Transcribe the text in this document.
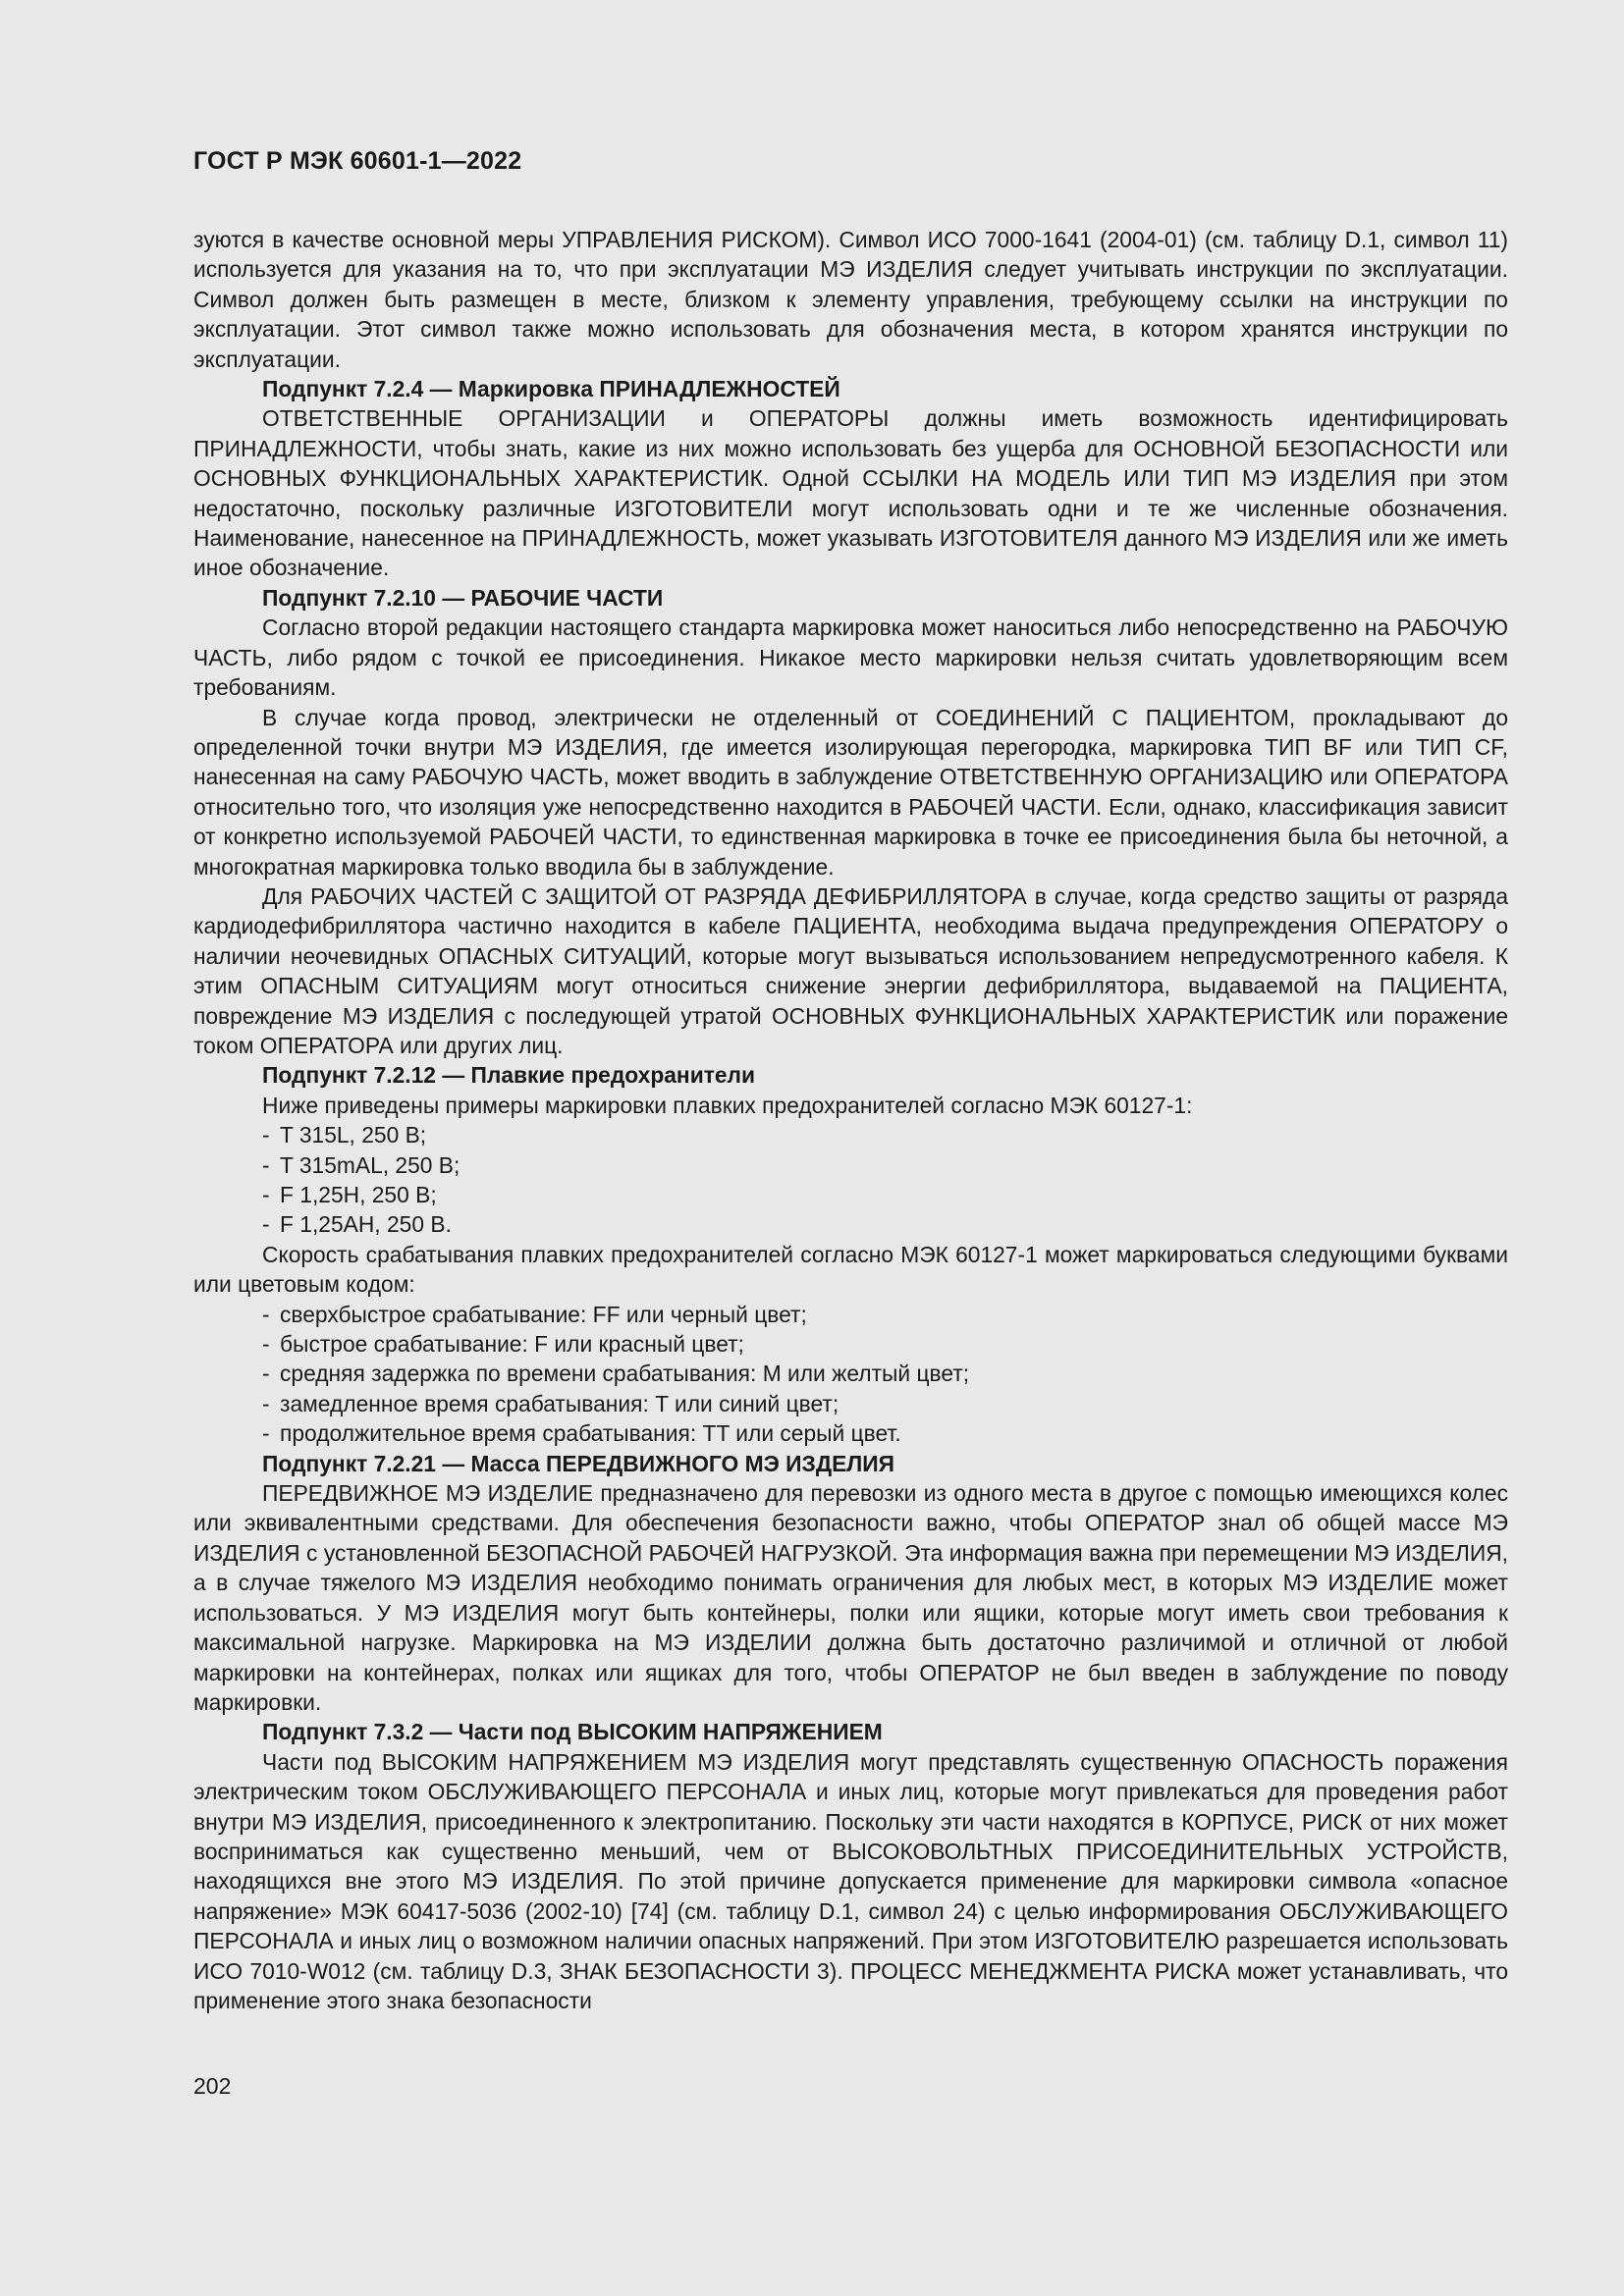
ГОСТ Р МЭК 60601-1—2022

зуются в качестве основной меры УПРАВЛЕНИЯ РИСКОМ). Символ ИСО 7000-1641 (2004-01) (см. таблицу D.1, символ 11) используется для указания на то, что при эксплуатации МЭ ИЗДЕЛИЯ следует учитывать инструкции по эксплуатации. Символ должен быть размещен в месте, близком к элементу управления, требующему ссылки на инструкции по эксплуатации. Этот символ также можно использовать для обозначения места, в котором хранятся инструкции по эксплуатации.

Подпункт 7.2.4 — Маркировка ПРИНАДЛЕЖНОСТЕЙ

ОТВЕТСТВЕННЫЕ ОРГАНИЗАЦИИ и ОПЕРАТОРЫ должны иметь возможность идентифицировать ПРИНАДЛЕЖНОСТИ, чтобы знать, какие из них можно использовать без ущерба для ОСНОВНОЙ БЕЗОПАСНОСТИ или ОСНОВНЫХ ФУНКЦИОНАЛЬНЫХ ХАРАКТЕРИСТИК. Одной ССЫЛКИ НА МОДЕЛЬ ИЛИ ТИП МЭ ИЗДЕЛИЯ при этом недостаточно, поскольку различные ИЗГОТОВИТЕЛИ могут использовать одни и те же численные обозначения. Наименование, нанесенное на ПРИНАДЛЕЖНОСТЬ, может указывать ИЗГОТОВИТЕЛЯ данного МЭ ИЗДЕЛИЯ или же иметь иное обозначение.

Подпункт 7.2.10 — РАБОЧИЕ ЧАСТИ

Согласно второй редакции настоящего стандарта маркировка может наноситься либо непосредственно на РАБОЧУЮ ЧАСТЬ, либо рядом с точкой ее присоединения. Никакое место маркировки нельзя считать удовлетворяющим всем требованиям.

В случае когда провод, электрически не отделенный от СОЕДИНЕНИЙ С ПАЦИЕНТОМ, прокладывают до определенной точки внутри МЭ ИЗДЕЛИЯ, где имеется изолирующая перегородка, маркировка ТИП BF или ТИП CF, нанесенная на саму РАБОЧУЮ ЧАСТЬ, может вводить в заблуждение ОТВЕТСТВЕННУЮ ОРГАНИЗАЦИЮ или ОПЕРАТОРА относительно того, что изоляция уже непосредственно находится в РАБОЧЕЙ ЧАСТИ. Если, однако, классификация зависит от конкретно используемой РАБОЧЕЙ ЧАСТИ, то единственная маркировка в точке ее присоединения была бы неточной, а многократная маркировка только вводила бы в заблуждение.

Для РАБОЧИХ ЧАСТЕЙ С ЗАЩИТОЙ ОТ РАЗРЯДА ДЕФИБРИЛЛЯТОРА в случае, когда средство защиты от разряда кардиодефибриллятора частично находится в кабеле ПАЦИЕНТА, необходима выдача предупреждения ОПЕРАТОРУ о наличии неочевидных ОПАСНЫХ СИТУАЦИЙ, которые могут вызываться использованием непредусмотренного кабеля. К этим ОПАСНЫМ СИТУАЦИЯМ могут относиться снижение энергии дефибриллятора, выдаваемой на ПАЦИЕНТА, повреждение МЭ ИЗДЕЛИЯ с последующей утратой ОСНОВНЫХ ФУНКЦИОНАЛЬНЫХ ХАРАКТЕРИСТИК или поражение током ОПЕРАТОРА или других лиц.

Подпункт 7.2.12 — Плавкие предохранители

Ниже приведены примеры маркировки плавких предохранителей согласно МЭК 60127-1:

- T 315L, 250 B;
- T 315mAL, 250 B;
- F 1,25H, 250 B;
- F 1,25AH, 250 B.

Скорость срабатывания плавких предохранителей согласно МЭК 60127-1 может маркироваться следующими буквами или цветовым кодом:

- сверхбыстрое срабатывание: FF или черный цвет;
- быстрое срабатывание: F или красный цвет;
- средняя задержка по времени срабатывания: M или желтый цвет;
- замедленное время срабатывания: T или синий цвет;
- продолжительное время срабатывания: TT или серый цвет.

Подпункт 7.2.21 — Масса ПЕРЕДВИЖНОГО МЭ ИЗДЕЛИЯ

ПЕРЕДВИЖНОЕ МЭ ИЗДЕЛИЕ предназначено для перевозки из одного места в другое с помощью имеющихся колес или эквивалентными средствами. Для обеспечения безопасности важно, чтобы ОПЕРАТОР знал об общей массе МЭ ИЗДЕЛИЯ с установленной БЕЗОПАСНОЙ РАБОЧЕЙ НАГРУЗКОЙ. Эта информация важна при перемещении МЭ ИЗДЕЛИЯ, а в случае тяжелого МЭ ИЗДЕЛИЯ необходимо понимать ограничения для любых мест, в которых МЭ ИЗДЕЛИЕ может использоваться. У МЭ ИЗДЕЛИЯ могут быть контейнеры, полки или ящики, которые могут иметь свои требования к максимальной нагрузке. Маркировка на МЭ ИЗДЕЛИИ должна быть достаточно различимой и отличной от любой маркировки на контейнерах, полках или ящиках для того, чтобы ОПЕРАТОР не был введен в заблуждение по поводу маркировки.

Подпункт 7.3.2 — Части под ВЫСОКИМ НАПРЯЖЕНИЕМ

Части под ВЫСОКИМ НАПРЯЖЕНИЕМ МЭ ИЗДЕЛИЯ могут представлять существенную ОПАСНОСТЬ поражения электрическим током ОБСЛУЖИВАЮЩЕГО ПЕРСОНАЛА и иных лиц, которые могут привлекаться для проведения работ внутри МЭ ИЗДЕЛИЯ, присоединенного к электропитанию. Поскольку эти части находятся в КОРПУСЕ, РИСК от них может восприниматься как существенно меньший, чем от ВЫСОКОВОЛЬТНЫХ ПРИСОЕДИНИТЕЛЬНЫХ УСТРОЙСТВ, находящихся вне этого МЭ ИЗДЕЛИЯ. По этой причине допускается применение для маркировки символа «опасное напряжение» МЭК 60417-5036 (2002-10) [74] (см. таблицу D.1, символ 24) с целью информирования ОБСЛУЖИВАЮЩЕГО ПЕРСОНАЛА и иных лиц о возможном наличии опасных напряжений. При этом ИЗГОТОВИТЕЛЮ разрешается использовать ИСО 7010-W012 (см. таблицу D.3, ЗНАК БЕЗОПАСНОСТИ 3). ПРОЦЕСС МЕНЕДЖМЕНТА РИСКА может устанавливать, что применение этого знака безопасности

202
